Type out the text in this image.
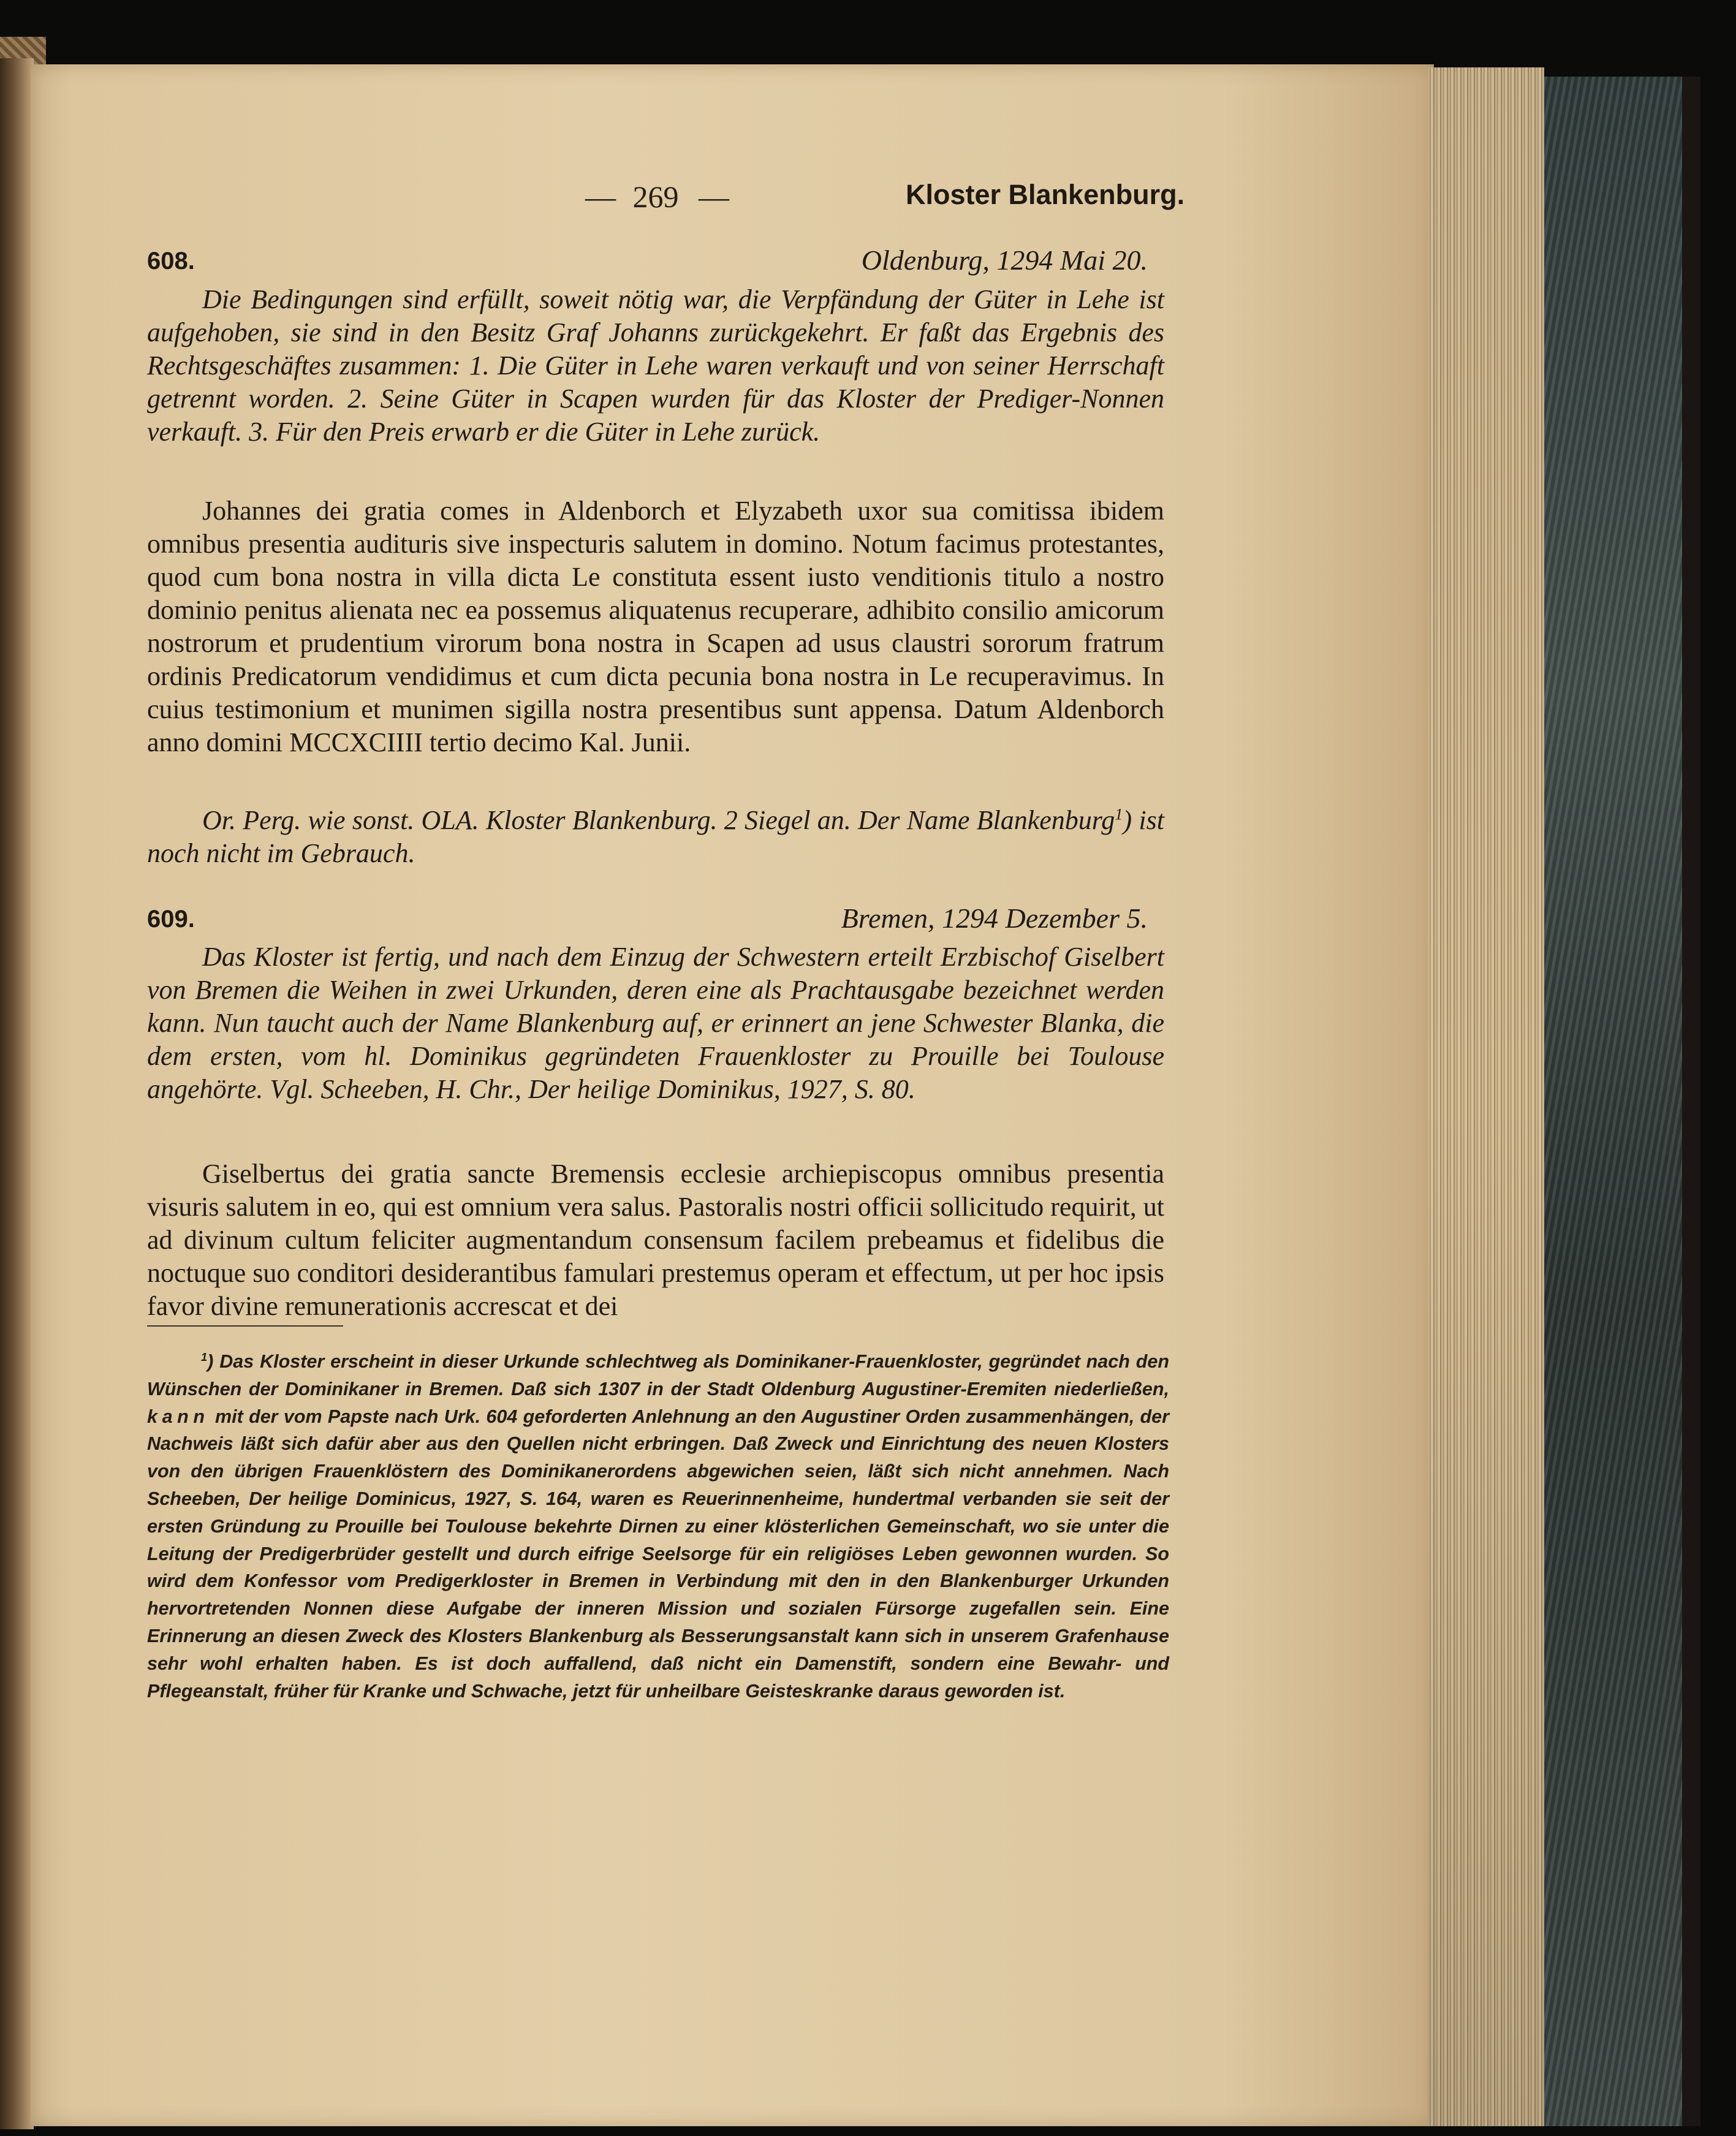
— 269 —	Kloster Blankenburg.
608.	Oldenburg, 1294 Mai 20.

Die Bedingungen sind erfüllt, soweit nötig war, die Verpfändung der Güter in Lehe ist aufgehoben, sie sind in den Besitz Graf Johanns zurückgekehrt. Er faßt das Ergebnis des Rechtsgeschäftes zusammen: 1. Die Güter in Lehe waren verkauft und von seiner Herrschaft getrennt worden. 2. Seine Güter in Scapen wurden für das Kloster der Prediger-Nonnen verkauft. 3. Für den Preis erwarb er die Güter in Lehe zurück.

Johannes dei gratia comes in Aldenborch et Elyzabeth uxor sua comitissa ibidem omnibus presentia audituris sive inspecturis salutem in domino. Notum facimus protestantes, quod cum bona nostra in villa dicta Le constituta essent iusto venditionis titulo a nostro dominio penitus alienata nec ea possemus aliquatenus recuperare, adhibito consilio amicorum nostrorum et prudentium virorum bona nostra in Scapen ad usus claustri sororum fratrum ordinis Predicatorum vendidimus et cum dicta pecunia bona nostra in Le recuperavimus. In cuius testimonium et munimen sigilla nostra presentibus sunt appensa. Datum Aldenborch anno domini MCCXCIIII tertio decimo Kal. Junii.

Or. Perg. wie sonst. OLA. Kloster Blankenburg. 2 Siegel an. Der Name Blankenburg$^1$) ist noch nicht im Gebrauch.

609.	Bremen, 1294 Dezember 5.

Das Kloster ist fertig, und nach dem Einzug der Schwestern erteilt Erzbischof Giselbert von Bremen die Weihen in zwei Urkunden, deren eine als Prachtausgabe bezeichnet werden kann. Nun taucht auch der Name Blankenburg auf, er erinnert an jene Schwester Blanka, die dem ersten, vom hl. Dominikus gegründeten Frauenkloster zu Prouille bei Toulouse angehörte. Vgl. Scheeben, H. Chr., Der heilige Dominikus, 1927, S. 80.

Giselbertus dei gratia sancte Bremensis ecclesie archiepiscopus omnibus presentia visuris salutem in eo, qui est omnium vera salus. Pastoralis nostri officii sollicitudo requirit, ut ad divinum cultum feliciter augmentandum consensum facilem prebeamus et fidelibus die noctuque suo conditori desiderantibus famulari prestemus operam et effectum, ut per hoc ipsis favor divine remunerationis accrescat et dei

$^1$) Das Kloster erscheint in dieser Urkunde schlechtweg als Dominikaner-Frauenkloster, gegründet nach den Wünschen der Dominikaner in Bremen. Daß sich 1307 in der Stadt Oldenburg Augustiner-Eremiten niederließen, kann mit der vom Papste nach Urk. 604 geforderten Anlehnung an den Augustiner Orden zusammenhängen, der Nachweis läßt sich dafür aber aus den Quellen nicht erbringen. Daß Zweck und Einrichtung des neuen Klosters von den übrigen Frauenklöstern des Dominikanerordens abgewichen seien, läßt sich nicht annehmen. Nach Scheeben, Der heilige Dominicus, 1927, S. 164, waren es Reuerinnenheime, hundertmal verbanden sie seit der ersten Gründung zu Prouille bei Toulouse bekehrte Dirnen zu einer klösterlichen Gemeinschaft, wo sie unter die Leitung der Predigerbrüder gestellt und durch eifrige Seelsorge für ein religiöses Leben gewonnen wurden. So wird dem Konfessor vom Predigerkloster in Bremen in Verbindung mit den in den Blankenburger Urkunden hervortretenden Nonnen diese Aufgabe der inneren Mission und sozialen Fürsorge zugefallen sein. Eine Erinnerung an diesen Zweck des Klosters Blankenburg als Besserungsanstalt kann sich in unserem Grafenhause sehr wohl erhalten haben. Es ist doch auffallend, daß nicht ein Damenstift, sondern eine Bewahr- und Pflegeanstalt, früher für Kranke und Schwache, jetzt für unheilbare Geisteskranke daraus geworden ist.
